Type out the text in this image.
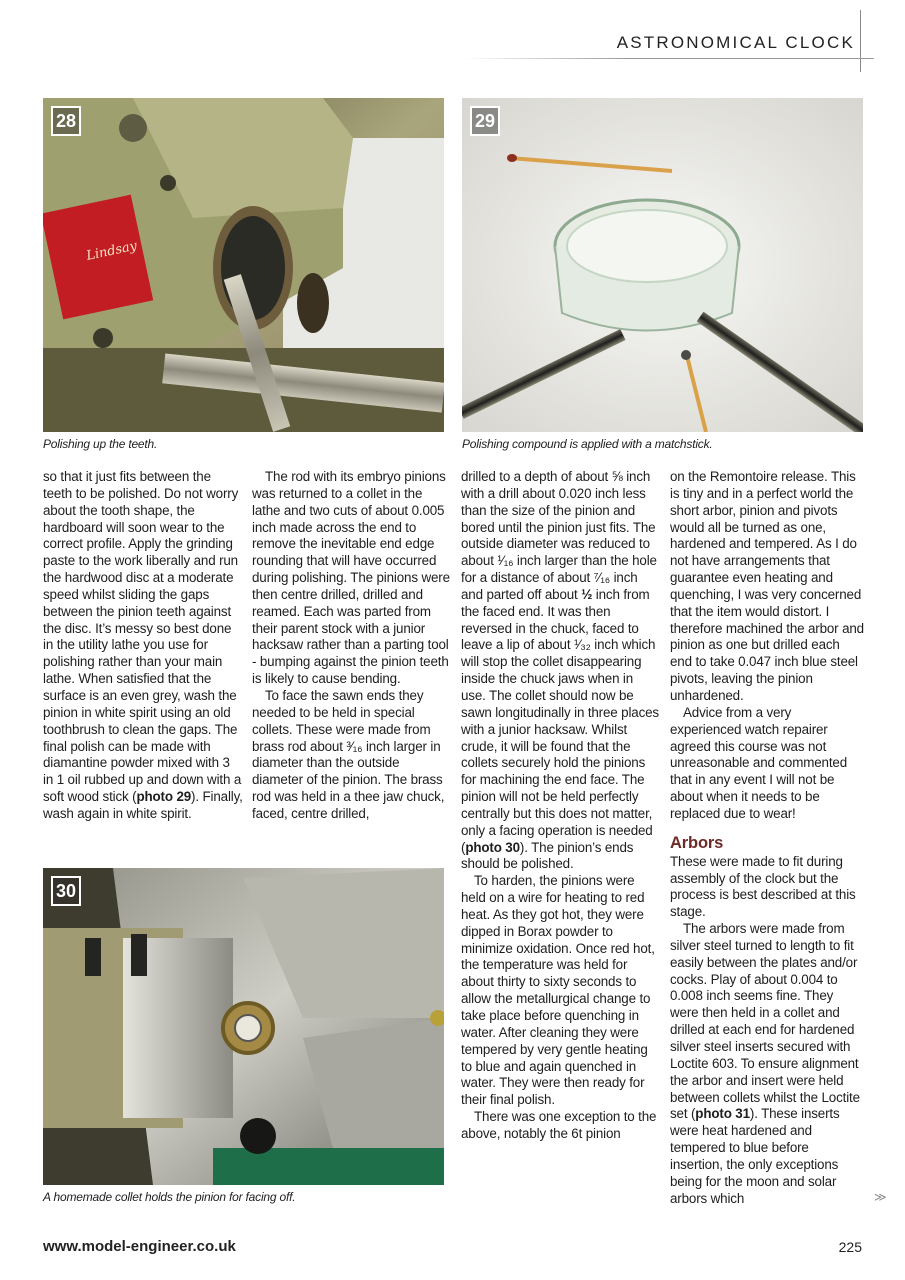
ASTRONOMICAL CLOCK
Lindsay
28
Polishing up the teeth.
29
Polishing compound is applied with a matchstick.
30
A homemade collet holds the pinion for facing off.

so that it just fits between the teeth to be polished. Do not worry about the tooth shape, the hardboard will soon wear to the correct profile. Apply the grinding paste to the work liberally and run the hardwood disc at a moderate speed whilst sliding the gaps between the pinion teeth against the disc. It’s messy so best done in the utility lathe you use for polishing rather than your main lathe. When satisfied that the surface is an even grey, wash the pinion in white spirit using an old toothbrush to clean the gaps. The final polish can be made with diamantine powder mixed with 3 in 1 oil rubbed up and down with a soft wood stick (photo 29). Finally, wash again in white spirit.

The rod with its embryo pinions was returned to a collet in the lathe and two cuts of about 0.005 inch made across the end to remove the inevitable end edge rounding that will have occurred during polishing. The pinions were then centre drilled, drilled and reamed. Each was parted from their parent stock with a junior hacksaw rather than a parting tool - bumping against the pinion teeth is likely to cause bending.

To face the sawn ends they needed to be held in special collets. These were made from brass rod about ³⁄₁₆ inch larger in diameter than the outside diameter of the pinion. The brass rod was held in a thee jaw chuck, faced, centre drilled,

drilled to a depth of about ⅝ inch with a drill about 0.020 inch less than the size of the pinion and bored until the pinion just fits. The outside diameter was reduced to about ¹⁄₁₆ inch larger than the hole for a distance of about ⁷⁄₁₆ inch and parted off about ½ inch from the faced end. It was then reversed in the chuck, faced to leave a lip of about ¹⁄₃₂ inch which will stop the collet disappearing inside the chuck jaws when in use. The collet should now be sawn longitudinally in three places with a junior hacksaw. Whilst crude, it will be found that the collets securely hold the pinions for machining the end face. The pinion will not be held perfectly centrally but this does not matter, only a facing operation is needed (photo 30). The pinion’s ends should be polished.

To harden, the pinions were held on a wire for heating to red heat. As they got hot, they were dipped in Borax powder to minimize oxidation. Once red hot, the temperature was held for about thirty to sixty seconds to allow the metallurgical change to take place before quenching in water. After cleaning they were tempered by very gentle heating to blue and again quenched in water. They were then ready for their final polish.

There was one exception to the above, notably the 6t pinion

on the Remontoire release. This is tiny and in a perfect world the short arbor, pinion and pivots would all be turned as one, hardened and tempered. As I do not have arrangements that guarantee even heating and quenching, I was very concerned that the item would distort. I therefore machined the arbor and pinion as one but drilled each end to take 0.047 inch blue steel pivots, leaving the pinion unhardened.

Advice from a very experienced watch repairer agreed this course was not unreasonable and commented that in any event I will not be about when it needs to be replaced due to wear!

Arbors

These were made to fit during assembly of the clock but the process is best described at this stage.

The arbors were made from silver steel turned to length to fit easily between the plates and/or cocks. Play of about 0.004 to 0.008 inch seems fine. They were then held in a collet and drilled at each end for hardened silver steel inserts secured with Loctite 603. To ensure alignment the arbor and insert were held between collets whilst the Loctite set (photo 31). These inserts were heat hardened and tempered to blue before insertion, the only exceptions being for the moon and solar arbors which	≫
www.model-engineer.co.uk	225
